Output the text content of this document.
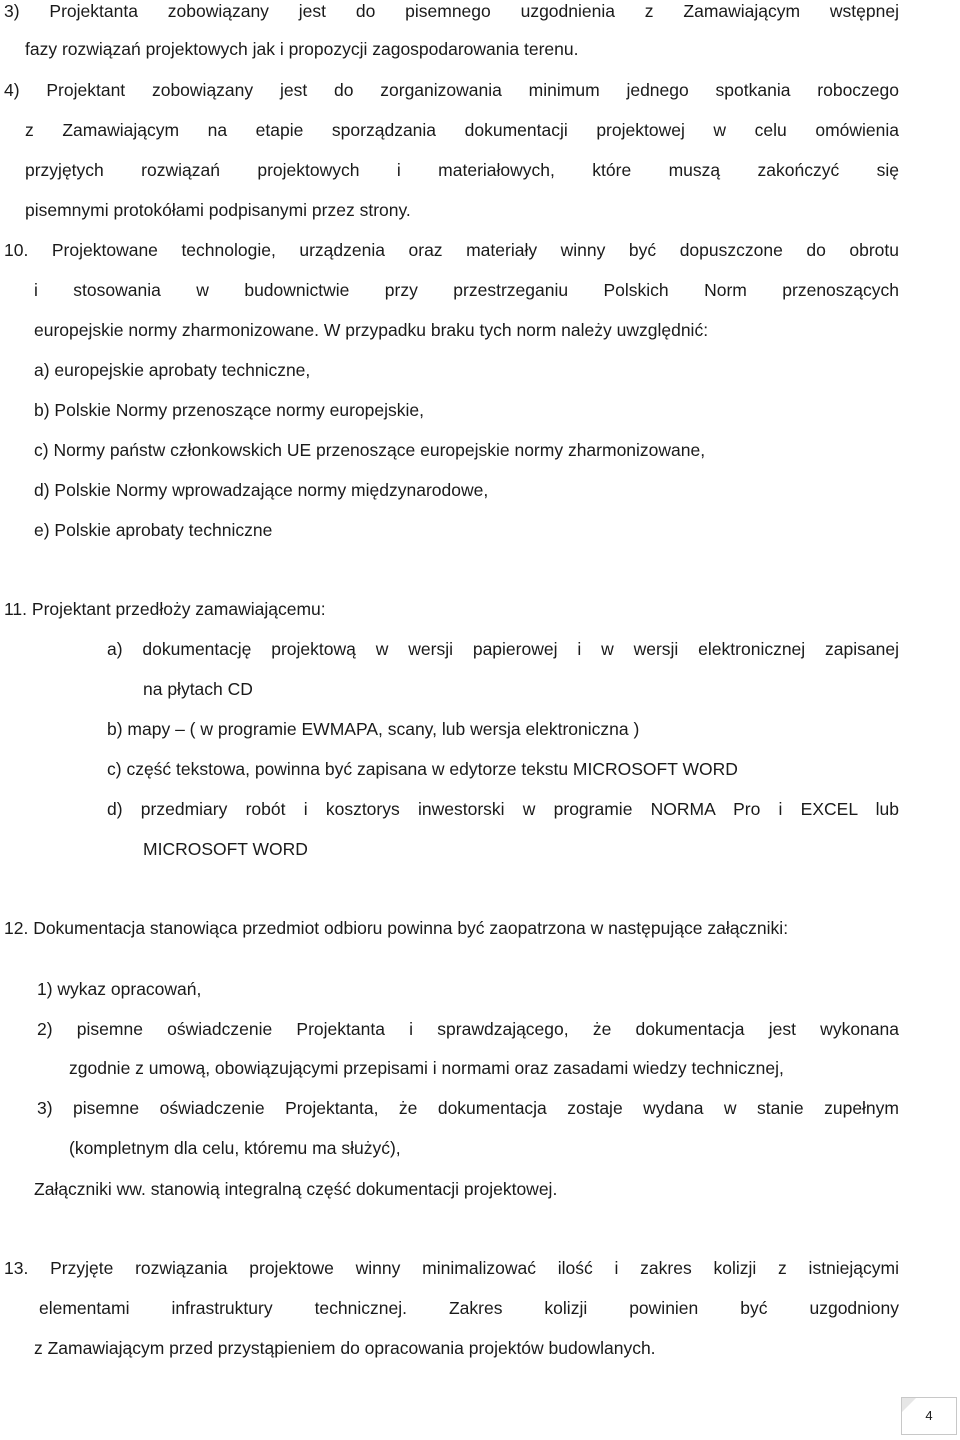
3) Projektanta zobowiązany jest do pisemnego uzgodnienia z Zamawiającym wstępnej

fazy rozwiązań projektowych jak i propozycji zagospodarowania terenu.

4) Projektant zobowiązany jest do zorganizowania minimum jednego spotkania roboczego

z Zamawiającym na etapie sporządzania dokumentacji projektowej w celu omówienia

przyjętych rozwiązań projektowych i materiałowych, które muszą zakończyć się

pisemnymi protokółami podpisanymi przez strony.

10. Projektowane technologie, urządzenia oraz materiały winny być dopuszczone do obrotu

i stosowania w budownictwie przy przestrzeganiu Polskich Norm przenoszących

europejskie normy zharmonizowane. W przypadku braku tych norm należy uwzględnić:

a) europejskie aprobaty techniczne,

b) Polskie Normy przenoszące normy europejskie,

c) Normy państw członkowskich UE przenoszące europejskie normy zharmonizowane,

d) Polskie Normy wprowadzające normy międzynarodowe,

e) Polskie aprobaty techniczne

11. Projektant przedłoży zamawiającemu:

a) dokumentację projektową w wersji papierowej i w wersji elektronicznej zapisanej

na płytach CD

b) mapy – ( w programie EWMAPA, scany, lub wersja elektroniczna )

c) część tekstowa, powinna być zapisana w edytorze tekstu MICROSOFT WORD

d) przedmiary robót i kosztorys inwestorski w programie NORMA Pro i EXCEL lub

MICROSOFT WORD

12. Dokumentacja stanowiąca przedmiot odbioru powinna być zaopatrzona w następujące załączniki:

1) wykaz opracowań,

2) pisemne oświadczenie Projektanta i sprawdzającego, że dokumentacja jest wykonana

zgodnie z umową, obowiązującymi przepisami i normami oraz zasadami wiedzy technicznej,

3) pisemne oświadczenie Projektanta, że dokumentacja zostaje wydana w stanie zupełnym

(kompletnym dla celu, któremu ma służyć),

Załączniki ww. stanowią integralną część dokumentacji projektowej.

13. Przyjęte rozwiązania projektowe winny minimalizować ilość i zakres kolizji z istniejącymi

elementami infrastruktury technicznej. Zakres kolizji powinien być uzgodniony

z Zamawiającym przed przystąpieniem do opracowania projektów budowlanych.

4
